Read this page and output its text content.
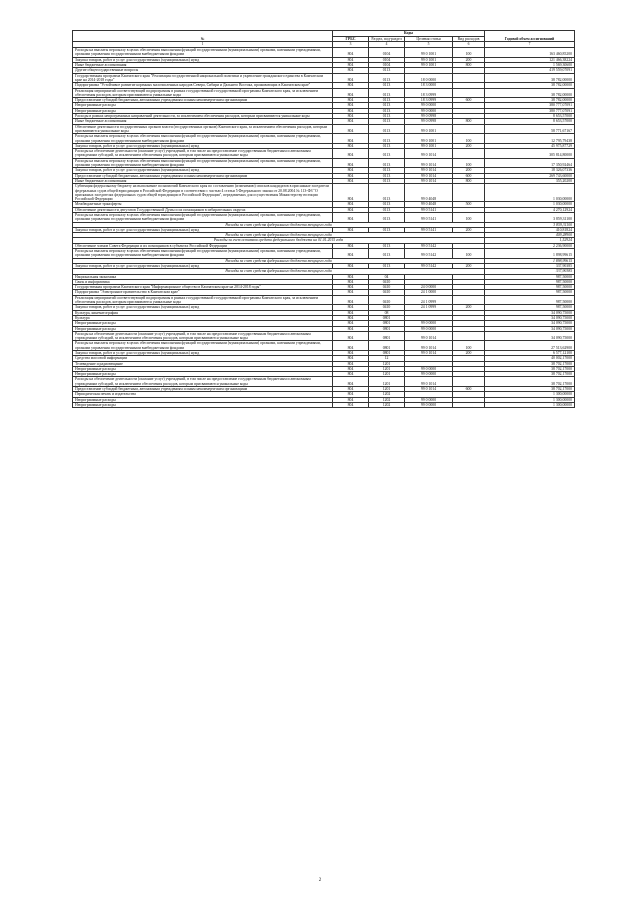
№	Коды				Годовой объем ассигнований
	ГРБС	Раздел, под-раздел	Целевая статья	Вид расходов	
1	3	4	5	6	7
Расходы на выплаты персоналу в целях обеспечения выполнения функций государственными (муниципальными) органами, казенными учреждениями, органами управления государственными внебюджетными фондами	804	0104	99 0 1001	100	163 460,85200
Закупка товаров, работ и услуг для государственных (муниципальных) нужд	804	0104	99 0 1001	200	121 466,38224
Иные бюджетные ассигнования	804	0104	99 0 1001	800	1 569,30600
Другие общегосударственные вопросы	804	0113			419 559,07091
Государственная программа Камчатского края "Реализация государственной национальной политики и укрепление гражданского единства в Камчатском крае на 2014-2018 годы"	804	0113	18 0 0000		38 782,00000
Подпрограмма "Устойчивое развитие коренных малочисленных народов Севера, Сибири и Дальнего Востока, проживающих в Камчатском крае"	804	0113	18 3 0000		38 782,00000
Реализация мероприятий соответствующей подпрограммы в рамках государственной государственной программы Камчатского края, за исключением обеспечения расходов, которым присваиваются уникальные коды	804	0113	18 3 0999		38 782,00000
Предоставление субсидий бюджетным, автономным учреждениям и иным некоммерческим организациям	804	0113	18 3 0999	600	38 782,00000
Непрограммные расходы	804	0113	99 0 0000		380 777,07091
Непрограммные расходы	804	0113	99 0 0000		380 777,07091
Расходы в рамках непрограммных направлений деятельности, за исключением обеспечения расходов, которым присваиваются уникальные коды	804	0113	99 0 0998		8 653,57000
Иные бюджетные ассигнования	804	0113	99 0 0998	800	8 653,57000
Обеспечение деятельности государственных органов власти (государственных органов) Камчатского края, за исключением обеспечения расходов, которым присваиваются уникальные коды	804	0113	99 0 1001		58 771,67167
Расходы на выплаты персоналу в целях обеспечения выполнения функций государственными (муниципальными) органами, казенными учреждениями, органами управления государственными внебюджетными фондами	804	0113	99 0 1001	100	12 795,79438
Закупка товаров, работ и услуг для государственных (муниципальных) нужд	804	0113	99 0 1001	200	45 975,87729
Расходы на обеспечение деятельности (оказание услуг) учреждений, в том числе на предоставление государственным бюджетным и автономным учреждениям субсидий, за исключением обеспечения расходов, которым присваиваются уникальные коды	804	0113	99 0 1014		305 814,80000
Расходы на выплаты персоналу в целях обеспечения выполнения функций государственными (муниципальными) органами, казенными учреждениями, органами управления государственными внебюджетными фондами	804	0113	99 0 1014	100	17 350,92464
Закупка товаров, работ и услуг для государственных (муниципальных) нужд	804	0113	99 0 1014	200	18 326,07336
Предоставление субсидий бюджетным, автономным учреждениям и иным некоммерческим организациям	804	0113	99 0 1014	600	269 743,60000
Иные бюджетные ассигнования	804	0113	99 0 1014	800	355,20200
Субвенция федеральному бюджету на выполнение полномочий Камчатского края по составлению (изменению) списков кандидатов в присяжные заседатели федеральных судов общей юрисдикции в Российской Федерации в соответствии с частью 4 статьи 5 Федерального закона от 20.08.2004 № 113-ФЗ "О присяжных заседателях федеральных судов общей юрисдикции в Российской Федерации", передаваемых для осуществления Министерству юстиции Российской Федерации	804	0113	99 0 4048		1 030,00000
Межбюджетные трансферты	804	0113	99 0 4048	500	1 030,00000
Обеспечение деятельности депутатов Государственной Думы и их помощников в избирательных округах	804	0113	99 0 5141		4 270,12924
Расходы на выплаты персоналу в целях обеспечения выполнения функций государственными (муниципальными) органами, казенными учреждениями, органами управления государственными внебюджетными фондами	804	0113	99 0 5141	100	3 859,31100
Расходы за счет средств федерального бюджета текущего года					3 859,31100
Закупка товаров, работ и услуг для государственных (муниципальных) нужд	804	0113	99 0 5141	200	410,81824
Расходы за счет средств федерального бюджета текущего года					409,28900
Расходы за счет остатков средств федерального бюджета на 01.01.2015 года					1,52924
Обеспечение членов Совета Федерации и их помощников в субъектах Российской Федерации	804	0113	99 0 5142		2 236,90000
Расходы на выплаты персоналу в целях обеспечения выполнения функций государственными (муниципальными) органами, казенными учреждениями, органами управления государственными внебюджетными фондами	804	0113	99 0 5142	100	1 898,99615
Расходы за счет средств федерального бюджета текущего года					1 898,99615
Закупка товаров, работ и услуг для государственных (муниципальных) нужд	804	0113	99 0 5142	200	337,90385
Расходы за счет средств федерального бюджета текущего года					337,90385
Национальная экономика	804	04			987,50000
Связь и информатика	804	0410			987,50000
Государственная программа Камчатского края "Информационное общество в Камчатском крае на 2014-2018 годы"	804	0410	24 0 0000		987,50000
Подпрограмма "Электронное правительство в Камчатском крае"	804	0410	24 1 0000		987,50000
Реализация мероприятий соответствующей подпрограммы в рамках государственной государственной программы Камчатского края, за исключением обеспечения расходов, которым присваиваются уникальные коды	804	0410	24 1 0999		987,50000
Закупка товаров, работ и услуг для государственных (муниципальных) нужд	804	0410	24 1 0999	200	987,50000
Культура, кинематография	804	08			34 090,75000
Культура	804	0801			34 090,75000
Непрограммные расходы	804	0801	99 0 0000		34 090,75000
Непрограммные расходы	804	0801	99 0 0000		34 090,75000
Расходы на обеспечение деятельности (оказание услуг) учреждений, в том числе на предоставление государственным бюджетным и автономным учреждениям субсидий, за исключением обеспечения расходов, которым присваиваются уникальные коды	804	0801	99 0 1014		34 090,75000
Расходы на выплаты персоналу в целях обеспечения выполнения функций государственными (муниципальными) органами, казенными учреждениями, органами управления государственными внебюджетными фондами	804	0801	99 0 1014	100	27 513,62900
Закупка товаров, работ и услуг для государственных (муниципальных) нужд	804	0801	99 0 1014	200	6 577,12100
Средства массовой информации	804	12			40 002,17000
Телевидение и радиовещание	804	1201			38 702,17000
Непрограммные расходы	804	1201	99 0 0000		38 702,17000
Непрограммные расходы	804	1201	99 0 0000		38 702,17000
Расходы на обеспечение деятельности (оказание услуг) учреждений, в том числе на предоставление государственным бюджетным и автономным учреждениям субсидий, за исключением обеспечения расходов, которым присваиваются уникальные коды	804	1201	99 0 1014		38 702,17000
Предоставление субсидий бюджетным, автономным учреждениям и иным некоммерческим организациям	804	1201	99 0 1014	600	38 702,17000
Периодическая печать и издательства	804	1202			1 300,00000
Непрограммные расходы	804	1202	99 0 0000		1 300,00000
Непрограммные расходы	804	1202	99 0 0000		1 300,00000
2
